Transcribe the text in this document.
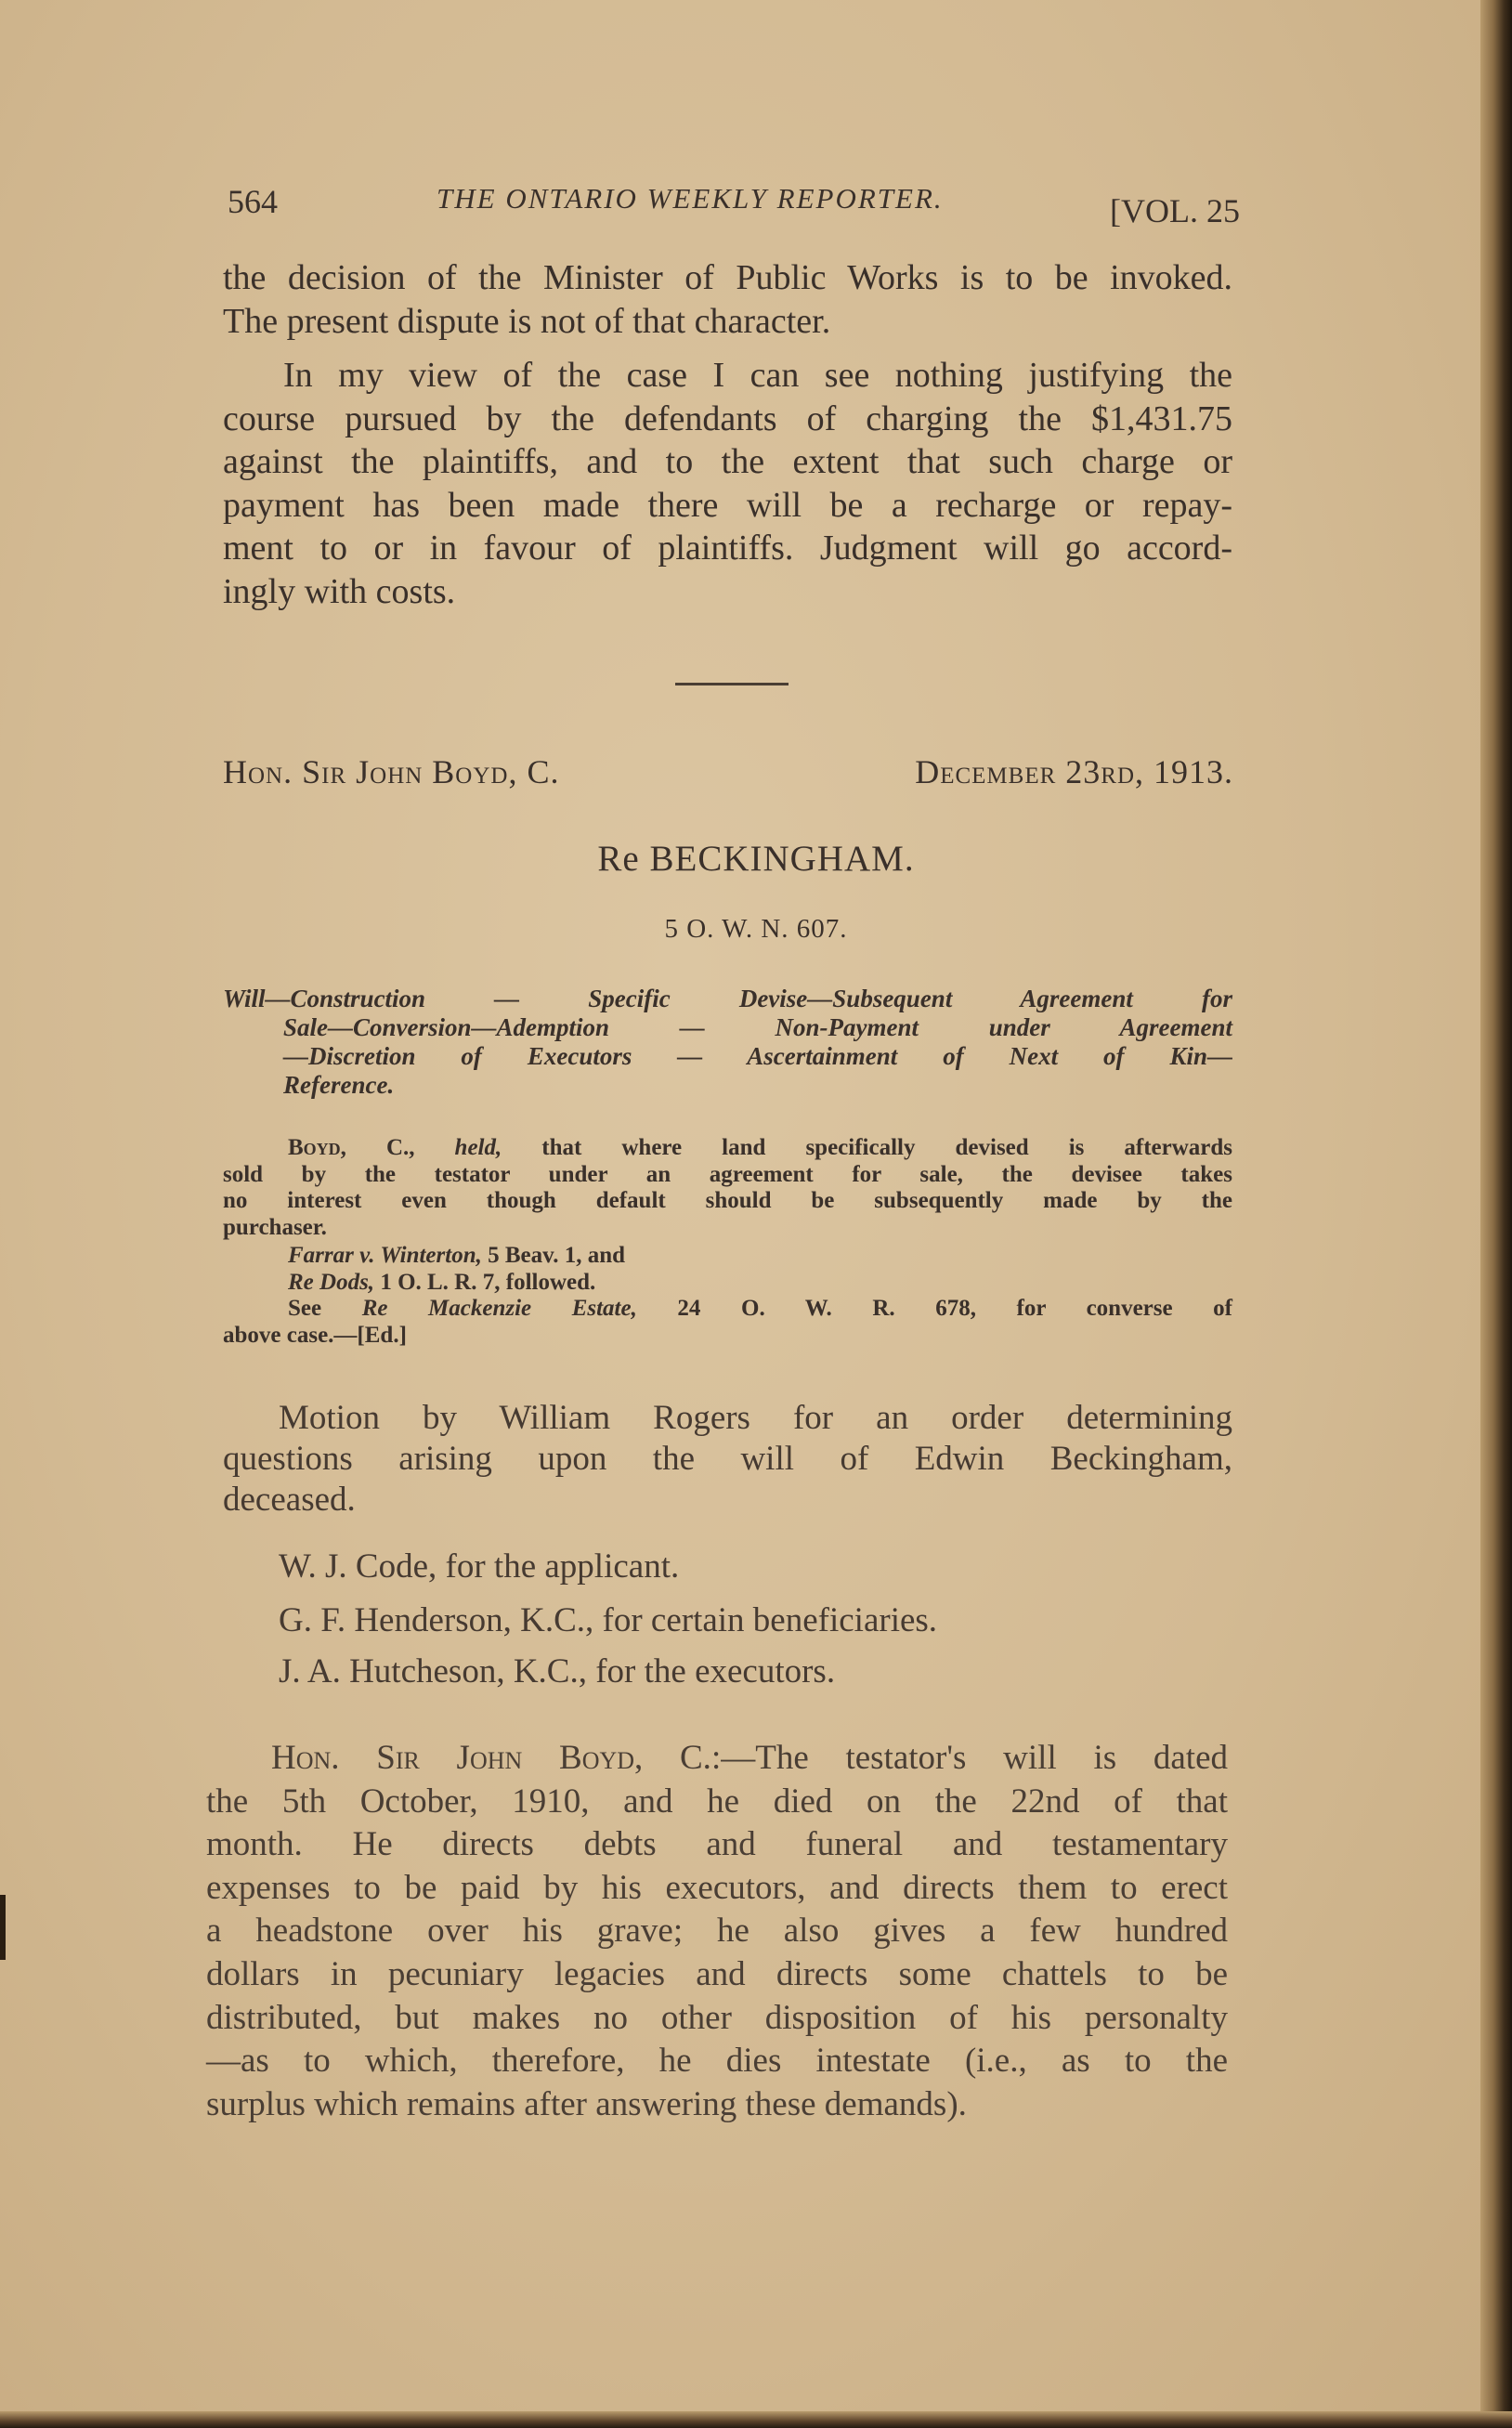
564	THE ONTARIO WEEKLY REPORTER.	[VOL. 25
the decision of the Minister of Public Works is to be invoked.
The present dispute is not of that character.
In my view of the case I can see nothing justifying the
course pursued by the defendants of charging the $1,431.75
against the plaintiffs, and to the extent that such charge or
payment has been made there will be a recharge or repay-
ment to or in favour of plaintiffs. Judgment will go accord-
ingly with costs.
Hon. Sir John Boyd, C.	December 23rd, 1913.
Re BECKINGHAM.
5 O. W. N. 607.
Will—Construction — Specific Devise—Subsequent Agreement for
Sale—Conversion—Ademption — Non-Payment under Agreement
—Discretion of Executors — Ascertainment of Next of Kin—
Reference.
Boyd, C., held, that where land specifically devised is afterwards
sold by the testator under an agreement for sale, the devisee takes
no interest even though default should be subsequently made by the
purchaser.
Farrar v. Winterton, 5 Beav. 1, and
Re Dods, 1 O. L. R. 7, followed.
See Re Mackenzie Estate, 24 O. W. R. 678, for converse of
above case.—[Ed.]
Motion by William Rogers for an order determining
questions arising upon the will of Edwin Beckingham,
deceased.
W. J. Code, for the applicant.
G. F. Henderson, K.C., for certain beneficiaries.
J. A. Hutcheson, K.C., for the executors.
Hon. Sir John Boyd, C.:—The testator's will is dated
the 5th October, 1910, and he died on the 22nd of that
month. He directs debts and funeral and testamentary
expenses to be paid by his executors, and directs them to erect
a headstone over his grave; he also gives a few hundred
dollars in pecuniary legacies and directs some chattels to be
distributed, but makes no other disposition of his personalty
—as to which, therefore, he dies intestate (i.e., as to the
surplus which remains after answering these demands).
